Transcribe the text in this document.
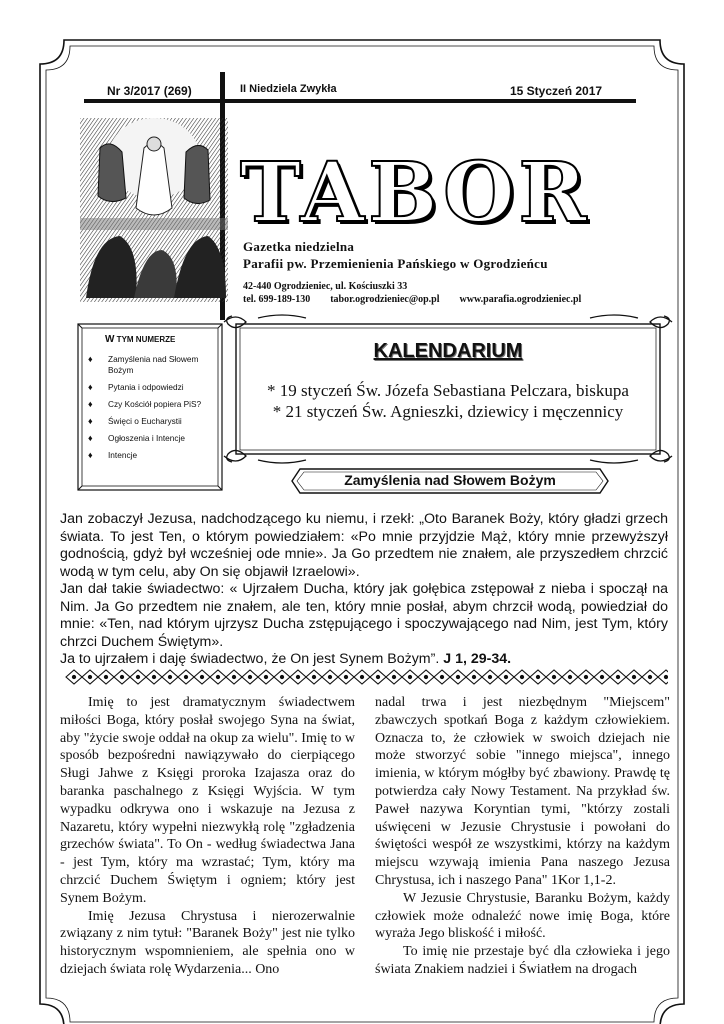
Nr 3/2017 (269)	II Niedziela Zwykła	15 Styczeń 2017
TABOR
Gazetka niedzielna
Parafii pw. Przemienienia Pańskiego w Ogrodzieńcu
42-440 Ogrodzieniec, ul. Kościuszki 33
tel. 699-189-130 tabor.ogrodzieniec@op.pl www.parafia.ogrodzieniec.pl
W TYM NUMERZE
♦ Zamyślenia nad Słowem Bożym
♦ Pytania i odpowiedzi
♦ Czy Kościół popiera PiS?
♦ Święci o Eucharystii
♦ Ogłoszenia i Intencje
♦ Intencje
KALENDARIUM
* 19 styczeń Św. Józefa Sebastiana Pelczara, biskupa
* 21 styczeń Św. Agnieszki, dziewicy i męczennicy
Zamyślenia nad Słowem Bożym

Jan zobaczył Jezusa, nadchodzącego ku niemu, i rzekł: „Oto Baranek Boży, który gładzi grzech świata. To jest Ten, o którym powiedziałem: «Po mnie przyjdzie Mąż, który mnie przewyższył godnością, gdyż był wcześniej ode mnie». Ja Go przedtem nie znałem, ale przyszedłem chrzcić wodą w tym celu, aby On się objawił Izraelowi».

Jan dał takie świadectwo: « Ujrzałem Ducha, który jak gołębica zstępował z nieba i spoczął na Nim. Ja Go przedtem nie znałem, ale ten, który mnie posłał, abym chrzcił wodą, powiedział do mnie: «Ten, nad którym ujrzysz Ducha zstępującego i spoczywającego nad Nim, jest Tym, który chrzci Duchem Świętym».

Ja to ujrzałem i daję świadectwo, że On jest Synem Bożym”. J 1, 29-34.

Imię to jest dramatycznym świadectwem miłości Boga, który posłał swojego Syna na świat, aby "życie swoje oddał na okup za wielu". Imię to w sposób bezpośredni nawiązywało do cierpiącego Sługi Jahwe z Księgi proroka Izajasza oraz do baranka paschalnego z Księgi Wyjścia. W tym wypadku odkrywa ono i wskazuje na Jezusa z Nazaretu, który wypełni niezwykłą rolę "zgładzenia grzechów świata". To On - według świadectwa Jana - jest Tym, który ma wzrastać; Tym, który ma chrzcić Duchem Świętym i ogniem; który jest Synem Bożym.

Imię Jezusa Chrystusa i nierozerwalnie związany z nim tytuł: "Baranek Boży" jest nie tylko historycznym wspomnieniem, ale spełnia ono w dziejach świata rolę Wydarzenia... Ono

nadal trwa i jest niezbędnym "Miejscem" zbawczych spotkań Boga z każdym człowiekiem. Oznacza to, że człowiek w swoich dziejach nie może stworzyć sobie "innego miejsca", innego imienia, w którym mógłby być zbawiony. Prawdę tę potwierdza cały Nowy Testament. Na przykład św. Paweł nazywa Koryntian tymi, "którzy zostali uświęceni w Jezusie Chrystusie i powołani do świętości wespół ze wszystkimi, którzy na każdym miejscu wzywają imienia Pana naszego Jezusa Chrystusa, ich i naszego Pana" 1Kor 1,1-2.

W Jezusie Chrystusie, Baranku Bożym, każdy człowiek może odnaleźć nowe imię Boga, które wyraża Jego bliskość i miłość.

To imię nie przestaje być dla człowieka i jego świata Znakiem nadziei i Światłem na drogach
